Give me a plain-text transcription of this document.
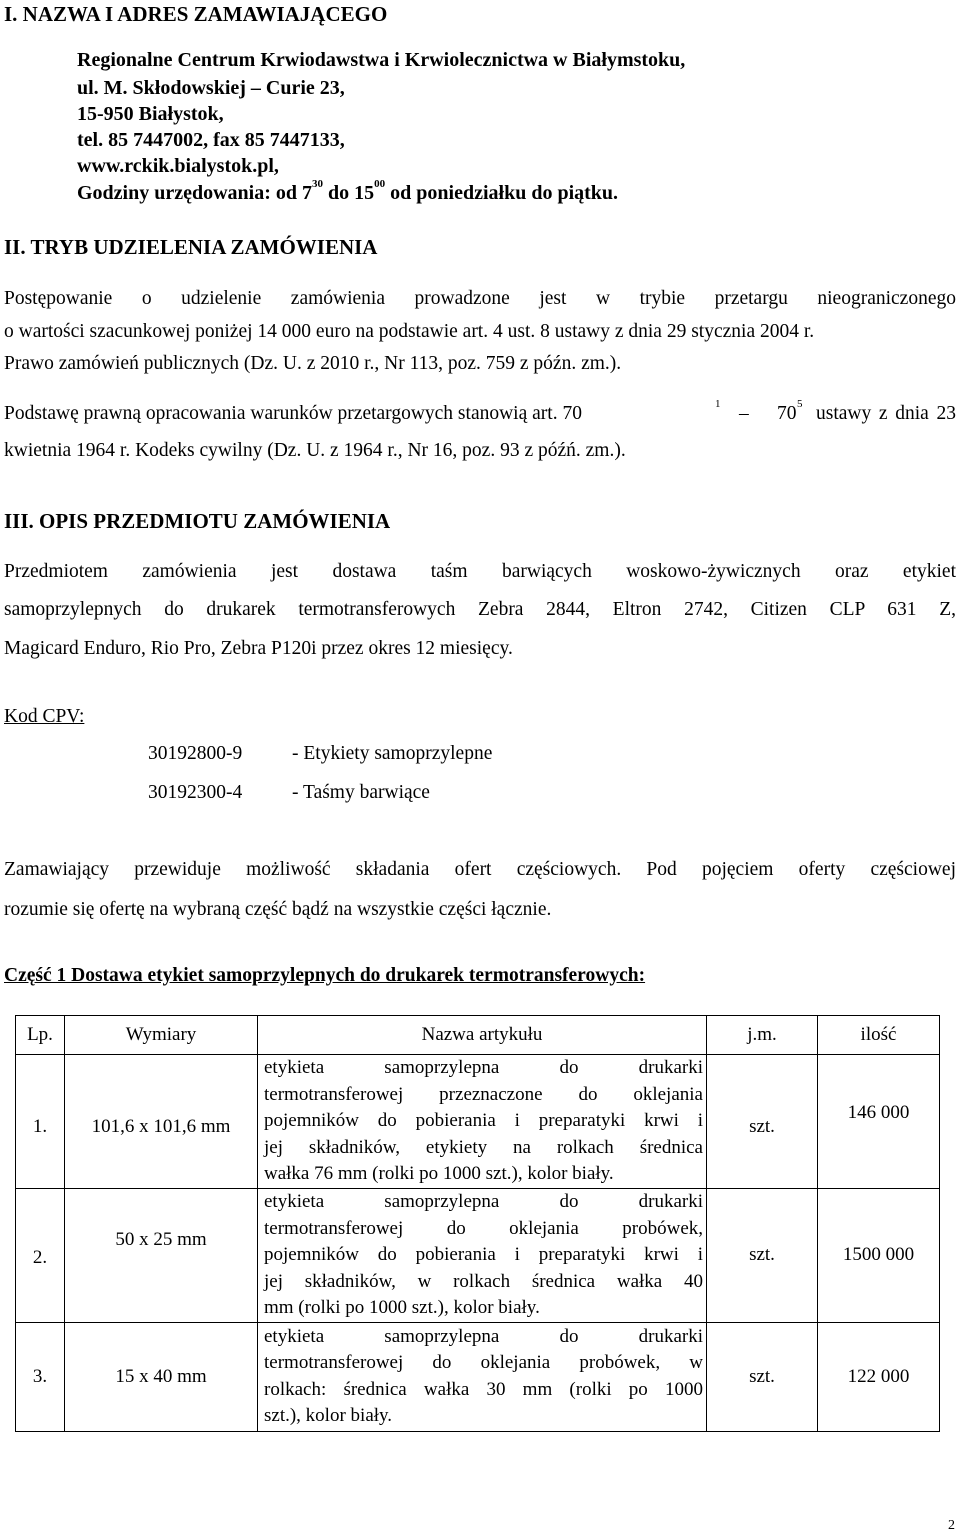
I. NAZWA I ADRES ZAMAWIAJĄCEGO
Regionalne Centrum Krwiodawstwa i Krwiolecznictwa w Białymstoku,
ul. M. Skłodowskiej – Curie 23,
15-950 Białystok,
tel. 85 7447002, fax 85 7447133,
www.rckik.bialystok.pl,
Godziny urzędowania: od $7^{30}$ do $15^{00}$ od poniedziałku do piątku.
II. TRYB UDZIELENIA ZAMÓWIENIA
Postępowanie o udzielenie zamówienia prowadzone jest w trybie przetargu nieograniczonego
o wartości szacunkowej poniżej 14 000 euro na podstawie art. 4 ust. 8 ustawy z dnia 29 stycznia 2004 r.
Prawo zamówień publicznych (Dz. U. z 2010 r., Nr 113, poz. 759 z późn. zm.).
Podstawę prawną opracowania warunków przetargowych stanowią art. 70	1 – 70 5 ustawy z dnia 23
kwietnia 1964 r. Kodeks cywilny (Dz. U. z 1964 r., Nr 16, poz. 93 z późń. zm.).
III. OPIS PRZEDMIOTU ZAMÓWIENIA
Przedmiotem zamówienia jest dostawa taśm barwiących woskowo-żywicznych oraz etykiet
samoprzylepnych do drukarek termotransferowych Zebra 2844, Eltron 2742, Citizen CLP 631 Z,
Magicard Enduro, Rio Pro, Zebra P120i przez okres 12 miesięcy.
Kod CPV:
30192800-9	- Etykiety samoprzylepne
30192300-4	- Taśmy barwiące
Zamawiający przewiduje możliwość składania ofert częściowych. Pod pojęciem oferty częściowej
rozumie się ofertę na wybraną część bądź na wszystkie części łącznie.
Część 1 Dostawa etykiet samoprzylepnych do drukarek termotransferowych:
Lp.	Wymiary	Nazwa artykułu	j.m.	ilość
1.	101,6 x 101,6 mm	etykieta samoprzylepna do drukarki
termotransferowej przeznaczone do oklejania
pojemników do pobierania i preparatyki krwi i
jej składników, etykiety na rolkach średnica
wałka 76 mm (rolki po 1000 szt.), kolor biały.	szt.	146 000
2.	50 x 25 mm	etykieta samoprzylepna do drukarki
termotransferowej do oklejania probówek,
pojemników do pobierania i preparatyki krwi i
jej składników, w rolkach średnica wałka 40
mm (rolki po 1000 szt.), kolor biały.	szt.	1500 000
3.	15 x 40 mm	etykieta samoprzylepna do drukarki
termotransferowej do oklejania probówek, w
rolkach: średnica wałka 30 mm (rolki po 1000
szt.), kolor biały.	szt.	122 000
2
